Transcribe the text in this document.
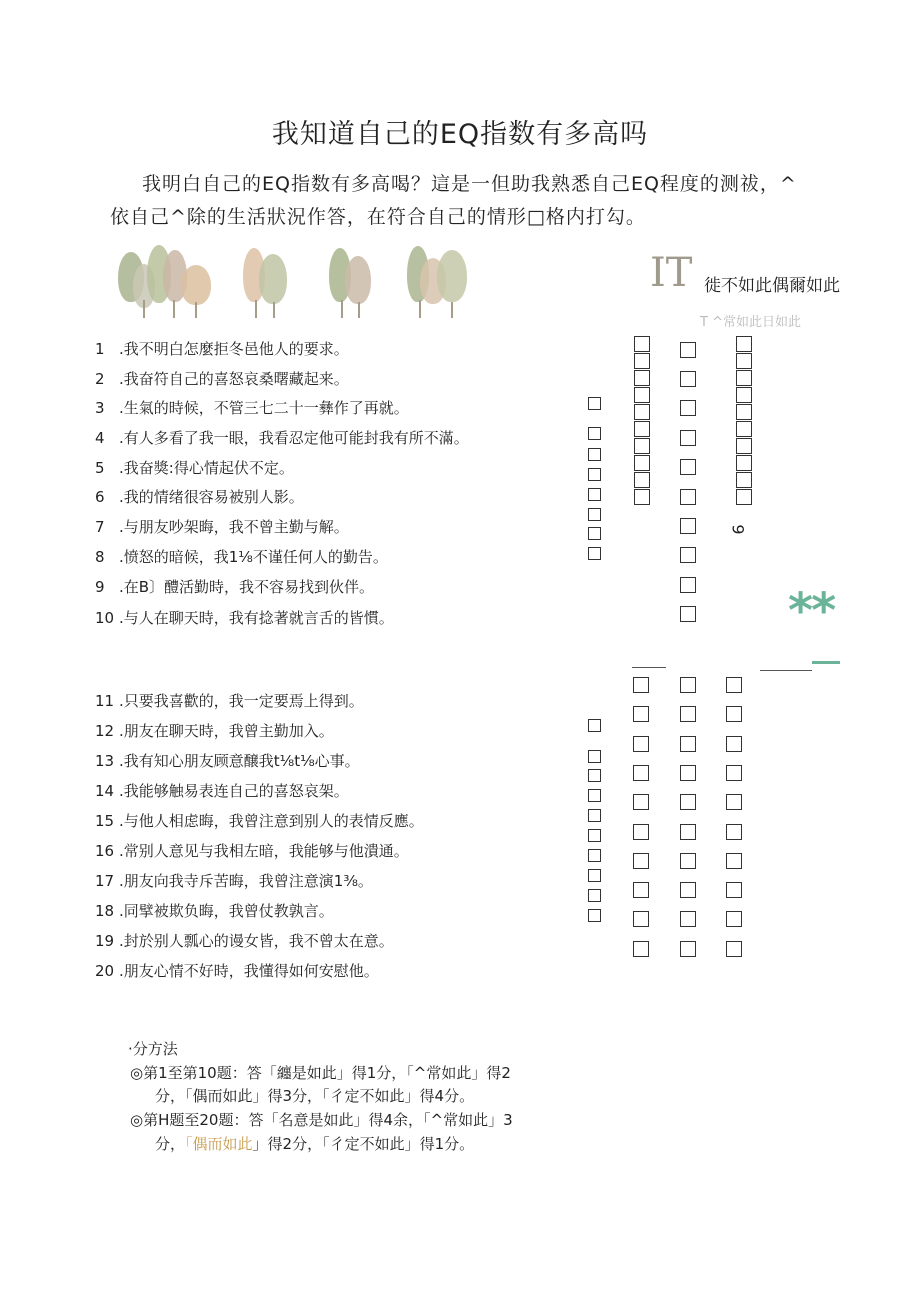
我知道自己的EQ指数有多高吗

我明白自己的EQ指数有多高喝？這是一但助我熟悉自己EQ程度的测祓，^

依自己^除的生活狀況作答，在符合自己的情形□格内打勾。

IT 徙不如此偶爾如此
T ^常如此日如此
1 .我不明白怎麼拒冬邑他人的要求。
2 .我奋符自己的喜怒哀桑曙藏起来。
3 .生氣的時候，不管三七二十一彝作了再就。
4 .有人多看了我一眼，我看忍定他可能封我有所不滿。
5 .我奋獎:得心情起伏不定。
6 .我的情绪很容易被别人影。
7 .与朋友吵架晦，我不曾主勤与解。
8 .愤怒的暗候，我1⅛不谨任何人的勤告。
9 .在B〕醴活勤時，我不容易找到伙伴。
10 .与人在聊天時，我有捻著就言舌的皆慣。
11 .只要我喜歡的，我一定要焉上得到。
12 .朋友在聊天時，我曾主勤加入。
13 .我有知心朋友顾意醸我t⅛t⅛心事。
14 .我能够触易表连自己的喜怒哀架。
15 .与他人相虑晦，我曾注意到别人的表情反應。
16 .常别人意见与我相左暗，我能够与他潰通。
17 .朋友向我寺斥苦晦，我曾注意演1⅜。
18 .同擘被欺负晦，我曾仗教孰言。
19 .封於别人瓢心的谩女皆，我不曾太在意。
20 .朋友心情不好時，我懂得如何安慰他。
9
**
·分方法
◎第1至第10题：答「纏是如此」得1分，「^常如此」得2
分，「偶而如此」得3分，「彳定不如此」得4分。
◎第H题至20题：答「名意是如此」得4余，「^常如此」3
分，「偶而如此」得2分，「彳定不如此」得1分。
